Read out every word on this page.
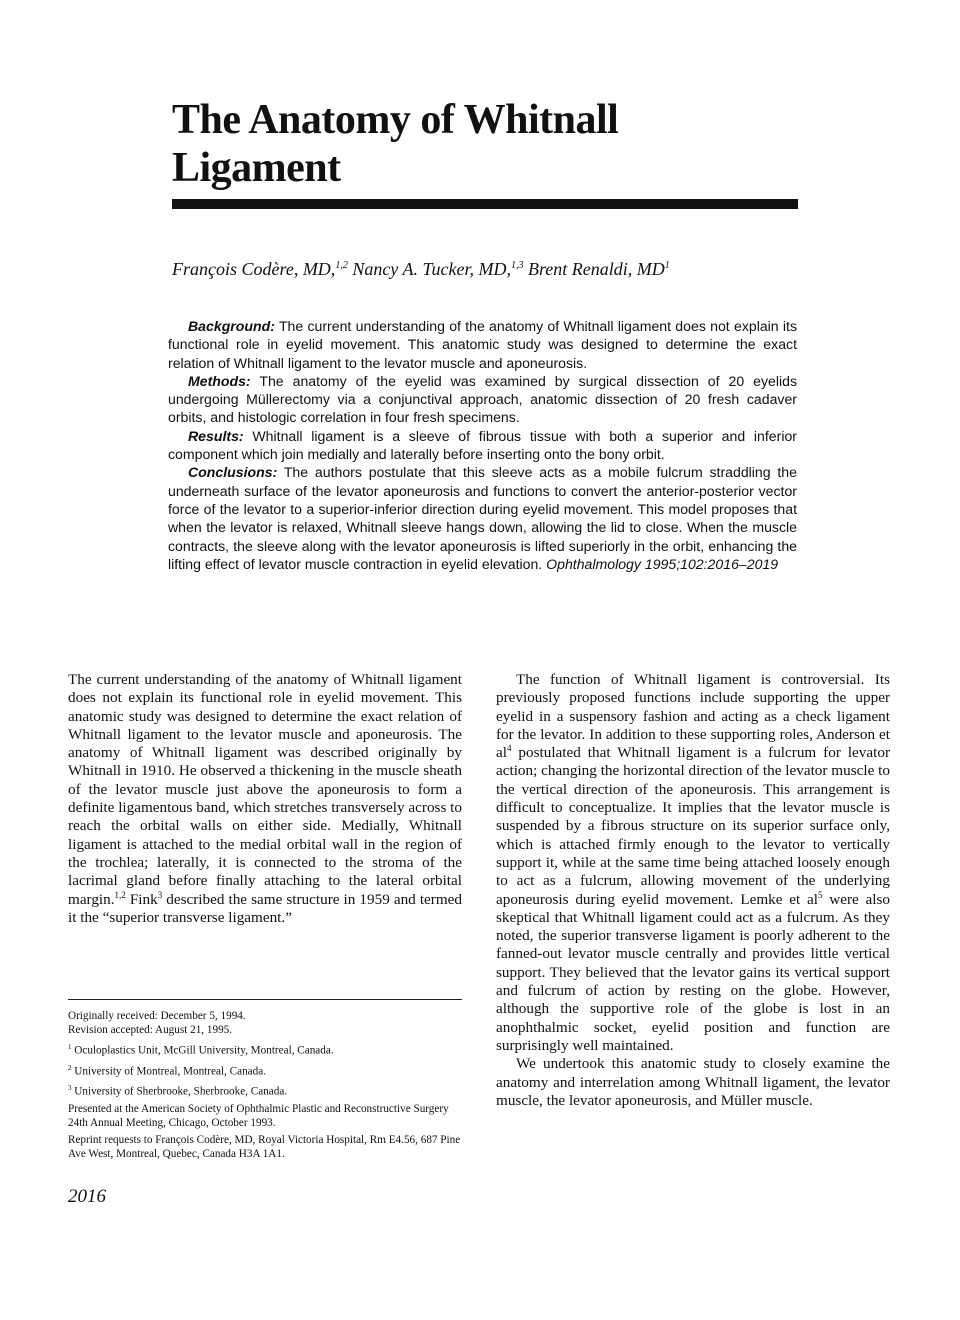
The Anatomy of Whitnall Ligament
François Codère, MD,$^{1,2}$ Nancy A. Tucker, MD,$^{1,3}$ Brent Renaldi, $MD^1$

Background: The current understanding of the anatomy of Whitnall ligament does not explain its functional role in eyelid movement. This anatomic study was designed to determine the exact relation of Whitnall ligament to the levator muscle and aponeurosis.

Methods: The anatomy of the eyelid was examined by surgical dissection of 20 eyelids undergoing Müllerectomy via a conjunctival approach, anatomic dissection of 20 fresh cadaver orbits, and histologic correlation in four fresh specimens.

Results: Whitnall ligament is a sleeve of fibrous tissue with both a superior and inferior component which join medially and laterally before inserting onto the bony orbit.

Conclusions: The authors postulate that this sleeve acts as a mobile fulcrum straddling the underneath surface of the levator aponeurosis and functions to convert the anterior-posterior vector force of the levator to a superior-inferior direction during eyelid movement. This model proposes that when the levator is relaxed, Whitnall sleeve hangs down, allowing the lid to close. When the muscle contracts, the sleeve along with the levator aponeurosis is lifted superiorly in the orbit, enhancing the lifting effect of levator muscle contraction in eyelid elevation. Ophthalmology 1995;102:2016–2019

The current understanding of the anatomy of Whitnall ligament does not explain its functional role in eyelid movement. This anatomic study was designed to determine the exact relation of Whitnall ligament to the levator muscle and aponeurosis. The anatomy of Whitnall ligament was described originally by Whitnall in 1910. He observed a thickening in the muscle sheath of the levator muscle just above the aponeurosis to form a definite ligamentous band, which stretches transversely across to reach the orbital walls on either side. Medially, Whitnall ligament is attached to the medial orbital wall in the region of the trochlea; laterally, it is connected to the stroma of the lacrimal gland before finally attaching to the lateral orbital margin.$^{1,2}$ Fink$^3$ described the same structure in 1959 and termed it the “superior transverse ligament.”

Originally received: December 5, 1994.

Revision accepted: August 21, 1995.

$^1$ Oculoplastics Unit, McGill University, Montreal, Canada.

$^2$ University of Montreal, Montreal, Canada.

$^3$ University of Sherbrooke, Sherbrooke, Canada.

Presented at the American Society of Ophthalmic Plastic and Reconstructive Surgery 24th Annual Meeting, Chicago, October 1993.

Reprint requests to François Codère, MD, Royal Victoria Hospital, Rm E4.56, 687 Pine Ave West, Montreal, Quebec, Canada H3A 1A1.

2016

The function of Whitnall ligament is controversial. Its previously proposed functions include supporting the upper eyelid in a suspensory fashion and acting as a check ligament for the levator. In addition to these supporting roles, Anderson et $al^4$ postulated that Whitnall ligament is a fulcrum for levator action; changing the horizontal direction of the levator muscle to the vertical direction of the aponeurosis. This arrangement is difficult to conceptualize. It implies that the levator muscle is suspended by a fibrous structure on its superior surface only, which is attached firmly enough to the levator to vertically support it, while at the same time being attached loosely enough to act as a fulcrum, allowing movement of the underlying aponeurosis during eyelid movement. Lemke et $al^5$ were also skeptical that Whitnall ligament could act as a fulcrum. As they noted, the superior transverse ligament is poorly adherent to the fanned-out levator muscle centrally and provides little vertical support. They believed that the levator gains its vertical support and fulcrum of action by resting on the globe. However, although the supportive role of the globe is lost in an anophthalmic socket, eyelid position and function are surprisingly well maintained.

We undertook this anatomic study to closely examine the anatomy and interrelation among Whitnall ligament, the levator muscle, the levator aponeurosis, and Müller muscle.
